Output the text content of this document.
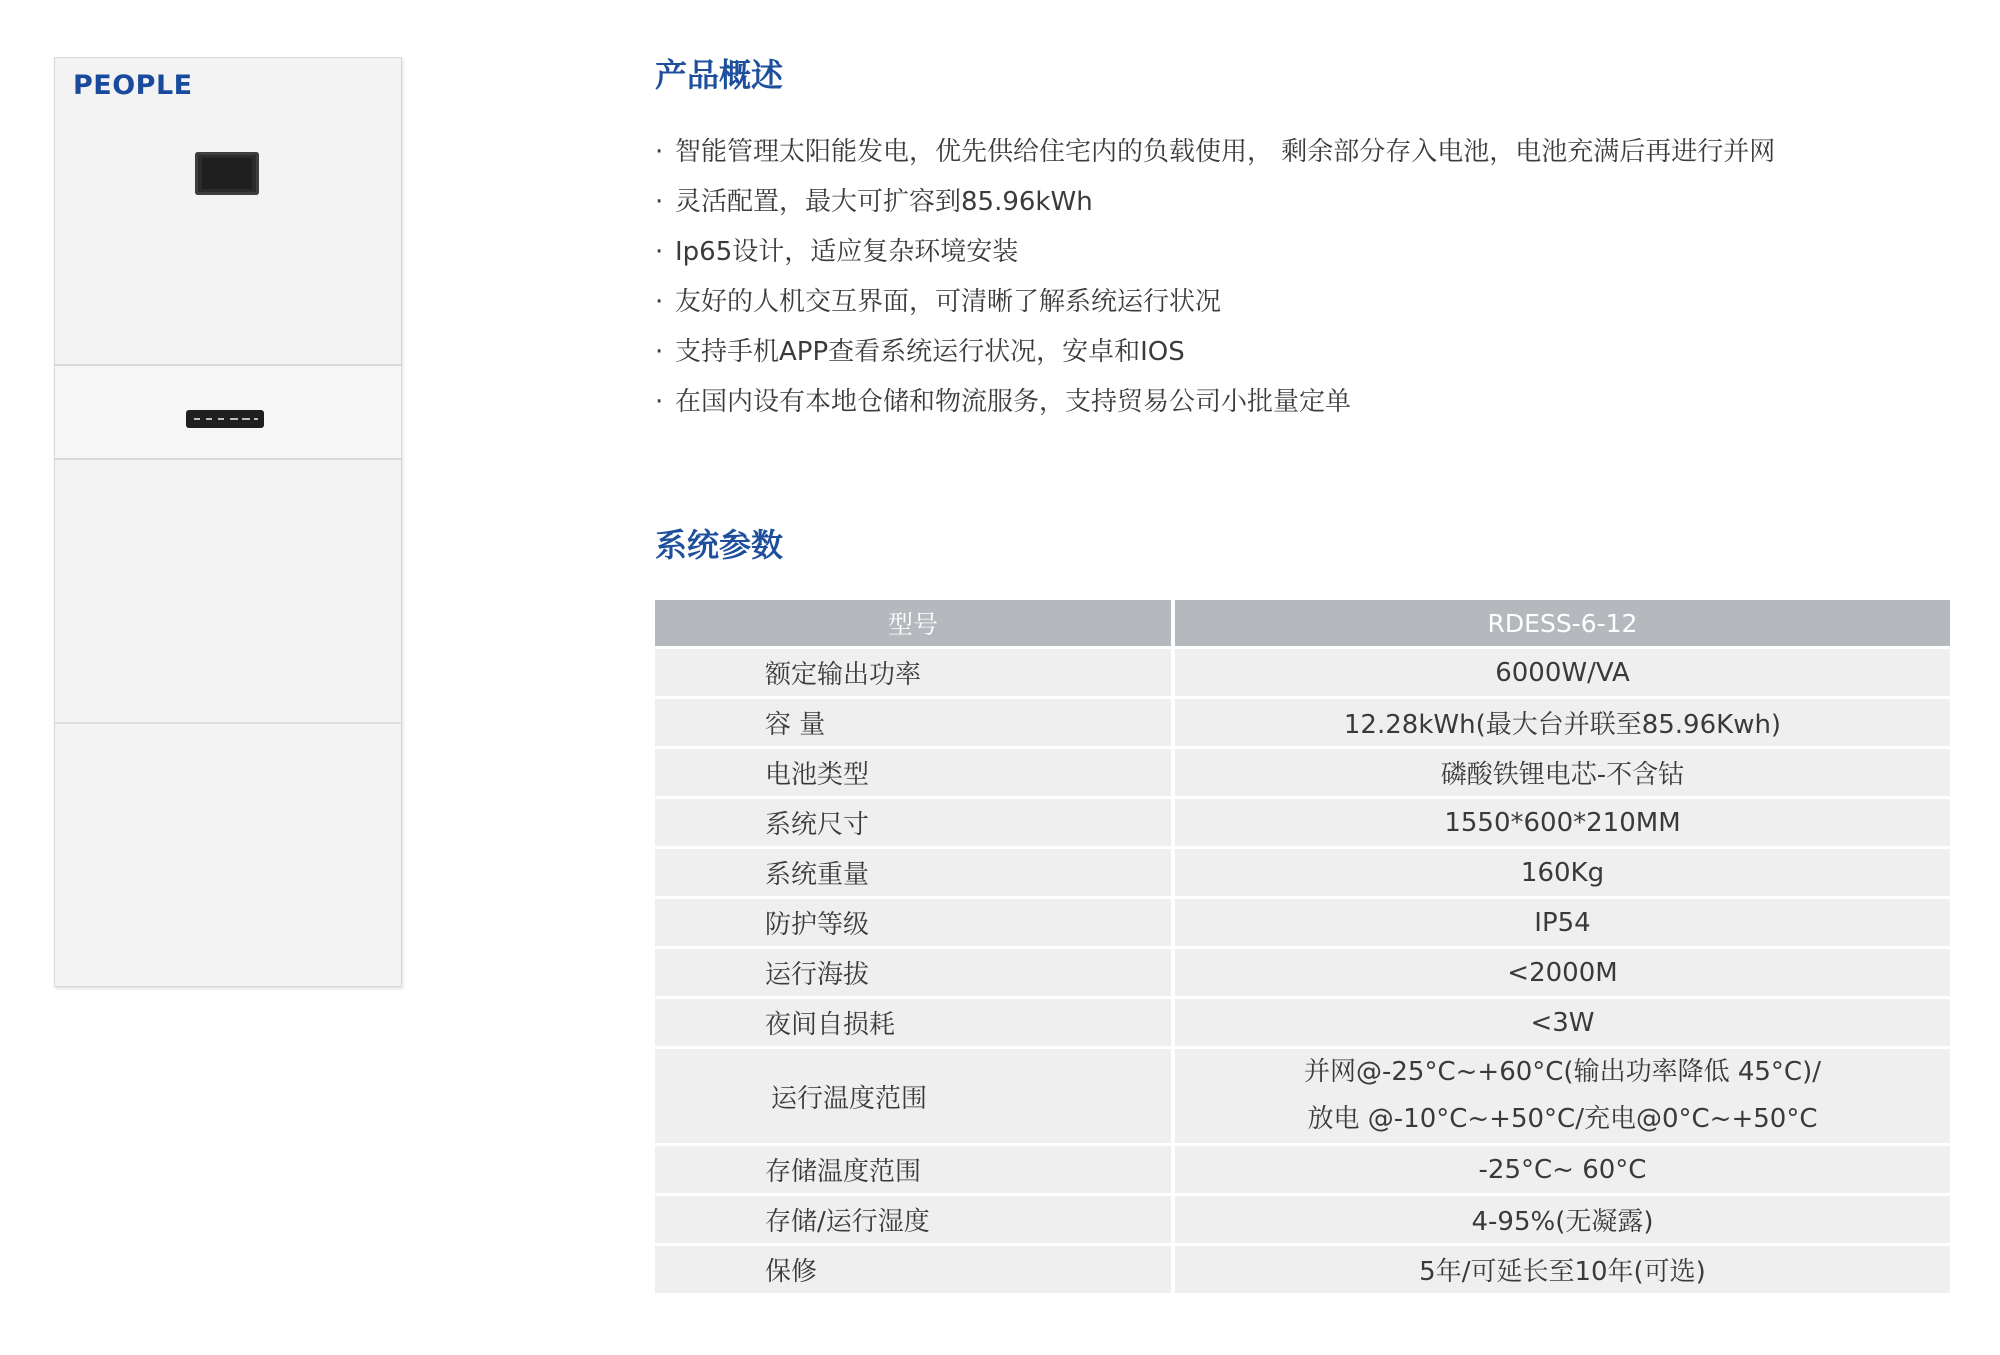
PEOPLE	产品概述
· 智能管理太阳能发电，优先供给住宅内的负载使用， 剩余部分存入电池，电池充满后再进行并网
· 灵活配置，最大可扩容到85.96kWh
· Ip65设计，适应复杂环境安装
· 友好的人机交互界面，可清晰了解系统运行状况
· 支持手机APP查看系统运行状况，安卓和IOS
· 在国内设有本地仓储和物流服务，支持贸易公司小批量定单
系统参数
型号	RDESS-6-12
额定输出功率	6000W/VA
容 量	12.28kWh(最大台并联至85.96Kwh)
电池类型	磷酸铁锂电芯-不含钴
系统尺寸	1550*600*210MM
系统重量	160Kg
防护等级	IP54
运行海拔	<2000M
夜间自损耗	<3W
运行温度范围	并网@-25°C~+60°C(输出功率降低 45°C)/
放电 @-10°C~+50°C/充电@0°C~+50°C

存储温度范围	-25°C~ 60°C
存储/运行湿度	4-95%(无凝露)
保修	5年/可延长至10年(可选)
